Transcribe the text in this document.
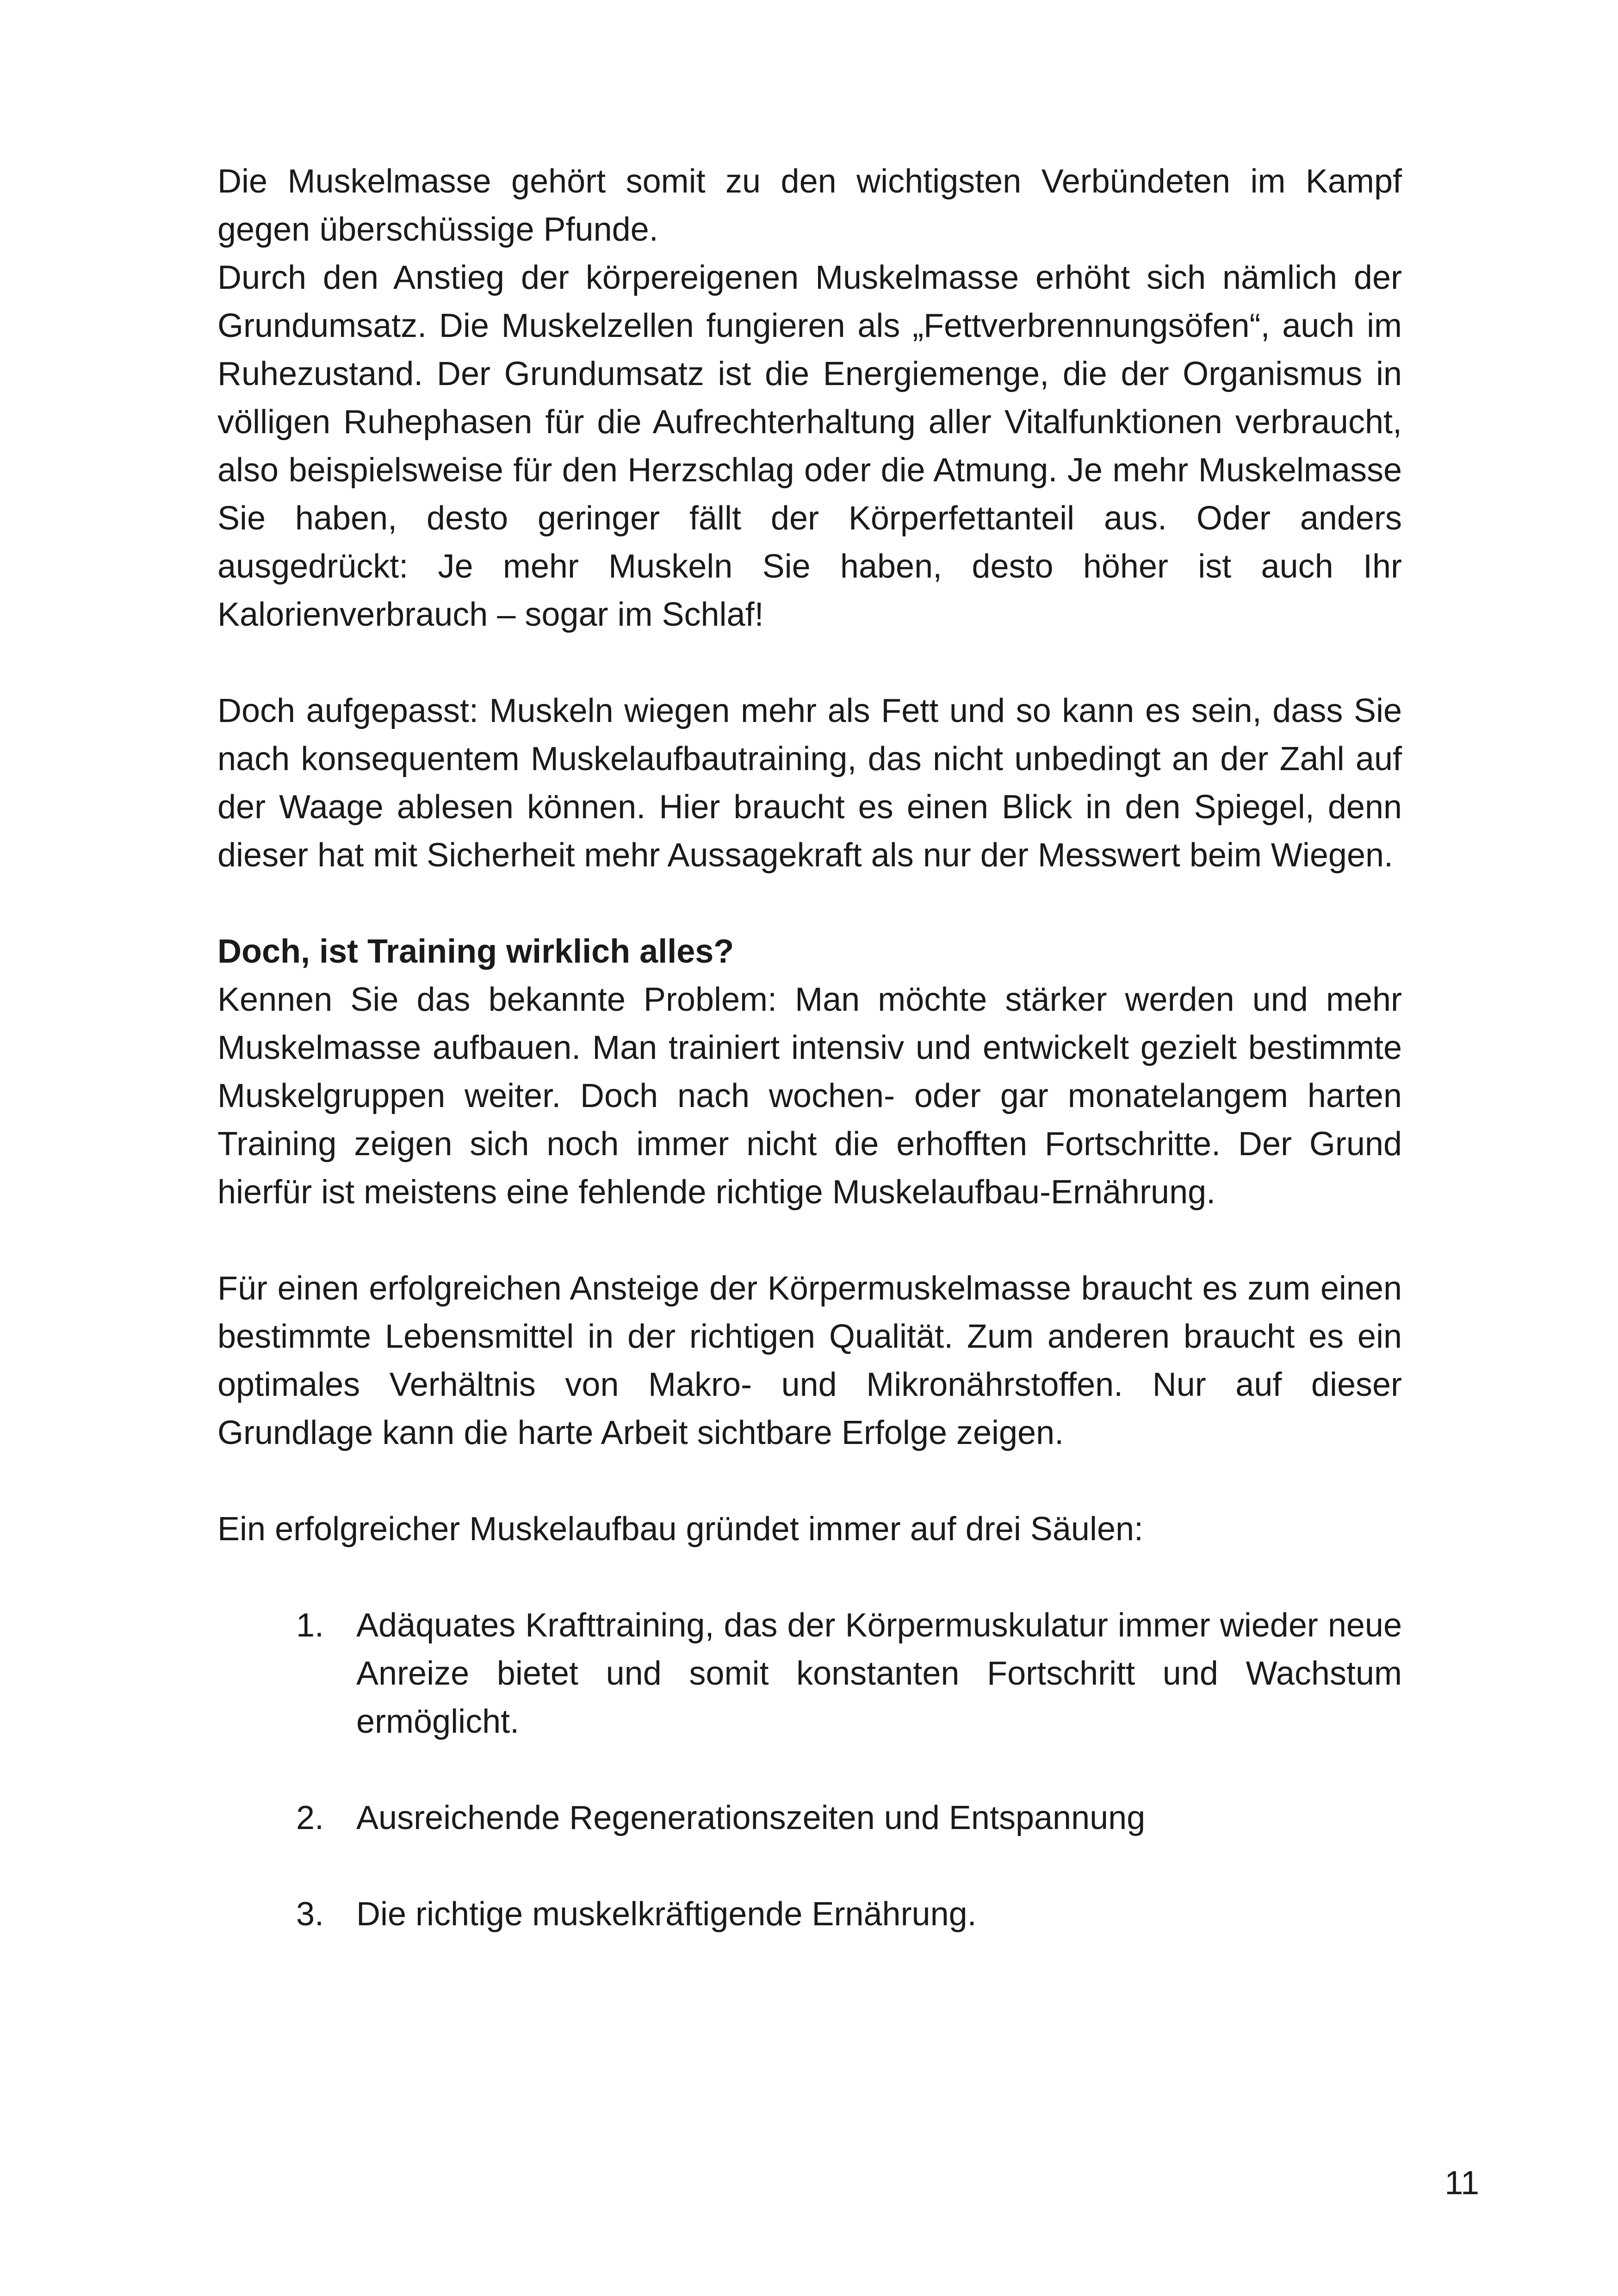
Die Muskelmasse gehört somit zu den wichtigsten Verbündeten im Kampf gegen überschüssige Pfunde.

Durch den Anstieg der körpereigenen Muskelmasse erhöht sich nämlich der Grundumsatz. Die Muskelzellen fungieren als „Fettverbrennungsöfen“, auch im Ruhezustand. Der Grundumsatz ist die Energiemenge, die der Organismus in völligen Ruhephasen für die Aufrechterhaltung aller Vitalfunktionen verbraucht, also beispielsweise für den Herzschlag oder die Atmung. Je mehr Muskelmasse Sie haben, desto geringer fällt der Körperfettanteil aus. Oder anders ausgedrückt: Je mehr Muskeln Sie haben, desto höher ist auch Ihr Kalorienverbrauch – sogar im Schlaf!

Doch aufgepasst: Muskeln wiegen mehr als Fett und so kann es sein, dass Sie nach konsequentem Muskelaufbautraining, das nicht unbedingt an der Zahl auf der Waage ablesen können. Hier braucht es einen Blick in den Spiegel, denn dieser hat mit Sicherheit mehr Aussagekraft als nur der Messwert beim Wiegen.

Doch, ist Training wirklich alles?

Kennen Sie das bekannte Problem: Man möchte stärker werden und mehr Muskelmasse aufbauen. Man trainiert intensiv und entwickelt gezielt bestimmte Muskelgruppen weiter. Doch nach wochen- oder gar monatelangem harten Training zeigen sich noch immer nicht die erhofften Fortschritte. Der Grund hierfür ist meistens eine fehlende richtige Muskelaufbau-Ernährung.

Für einen erfolgreichen Ansteige der Körpermuskelmasse braucht es zum einen bestimmte Lebensmittel in der richtigen Qualität. Zum anderen braucht es ein optimales Verhältnis von Makro- und Mikronährstoffen. Nur auf dieser Grundlage kann die harte Arbeit sichtbare Erfolge zeigen.

Ein erfolgreicher Muskelaufbau gründet immer auf drei Säulen:

1. Adäquates Krafttraining, das der Körpermuskulatur immer wieder neue Anreize bietet und somit konstanten Fortschritt und Wachstum ermöglicht.
2. Ausreichende Regenerationszeiten und Entspannung
3. Die richtige muskelkräftigende Ernährung.
11
